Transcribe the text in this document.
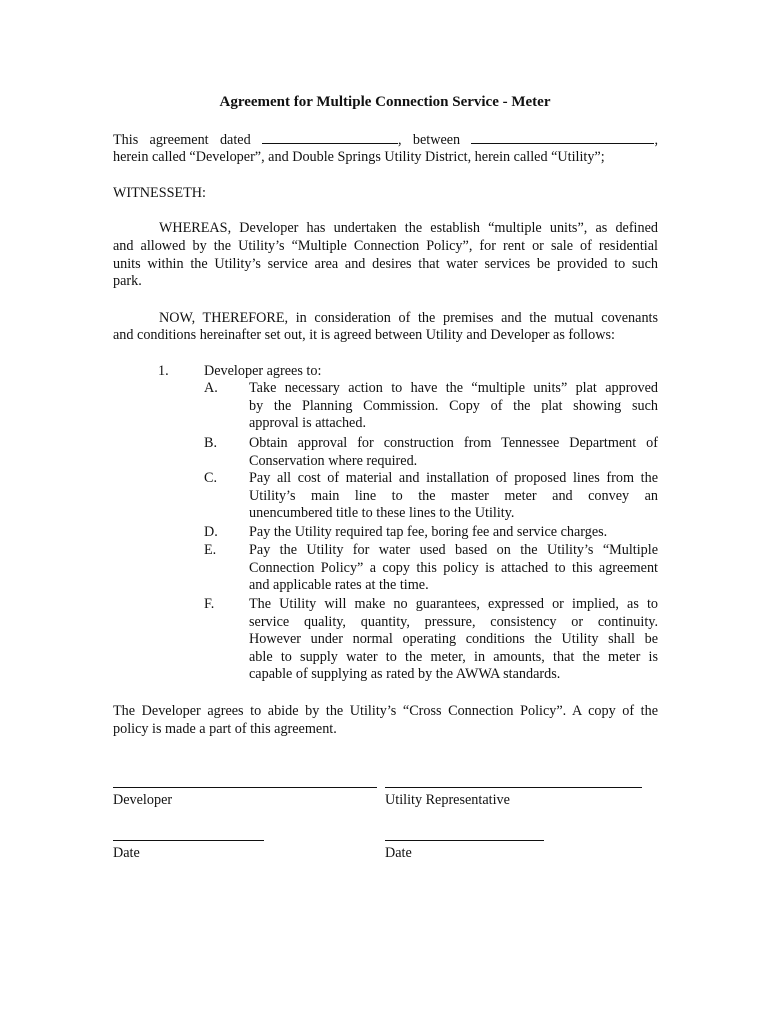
Agreement for Multiple Connection Service - Meter
This agreement dated	, between	,
herein called “Developer”, and Double Springs Utility District, herein called “Utility”;
WITNESSETH:
WHEREAS, Developer has undertaken the establish “multiple units”, as defined
and allowed by the Utility’s “Multiple Connection Policy”, for rent or sale of residential
units within the Utility’s service area and desires that water services be provided to such
park.
NOW, THEREFORE, in consideration of the premises and the mutual covenants
and conditions hereinafter set out, it is agreed between Utility and Developer as follows:
1. Developer agrees to:
A. Take necessary action to have the “multiple units” plat approved
by the Planning Commission. Copy of the plat showing such
approval is attached.
B. Obtain approval for construction from Tennessee Department of
Conservation where required.
C. Pay all cost of material and installation of proposed lines from the
Utility’s main line to the master meter and convey an
unencumbered title to these lines to the Utility.
D. Pay the Utility required tap fee, boring fee and service charges.
E. Pay the Utility for water used based on the Utility’s “Multiple
Connection Policy” a copy this policy is attached to this agreement
and applicable rates at the time.
F. The Utility will make no guarantees, expressed or implied, as to
service quality, quantity, pressure, consistency or continuity.
However under normal operating conditions the Utility shall be
able to supply water to the meter, in amounts, that the meter is
capable of supplying as rated by the AWWA standards.
The Developer agrees to abide by the Utility’s “Cross Connection Policy”. A copy of the
policy is made a part of this agreement.
Developer	Utility Representative
Date	Date
